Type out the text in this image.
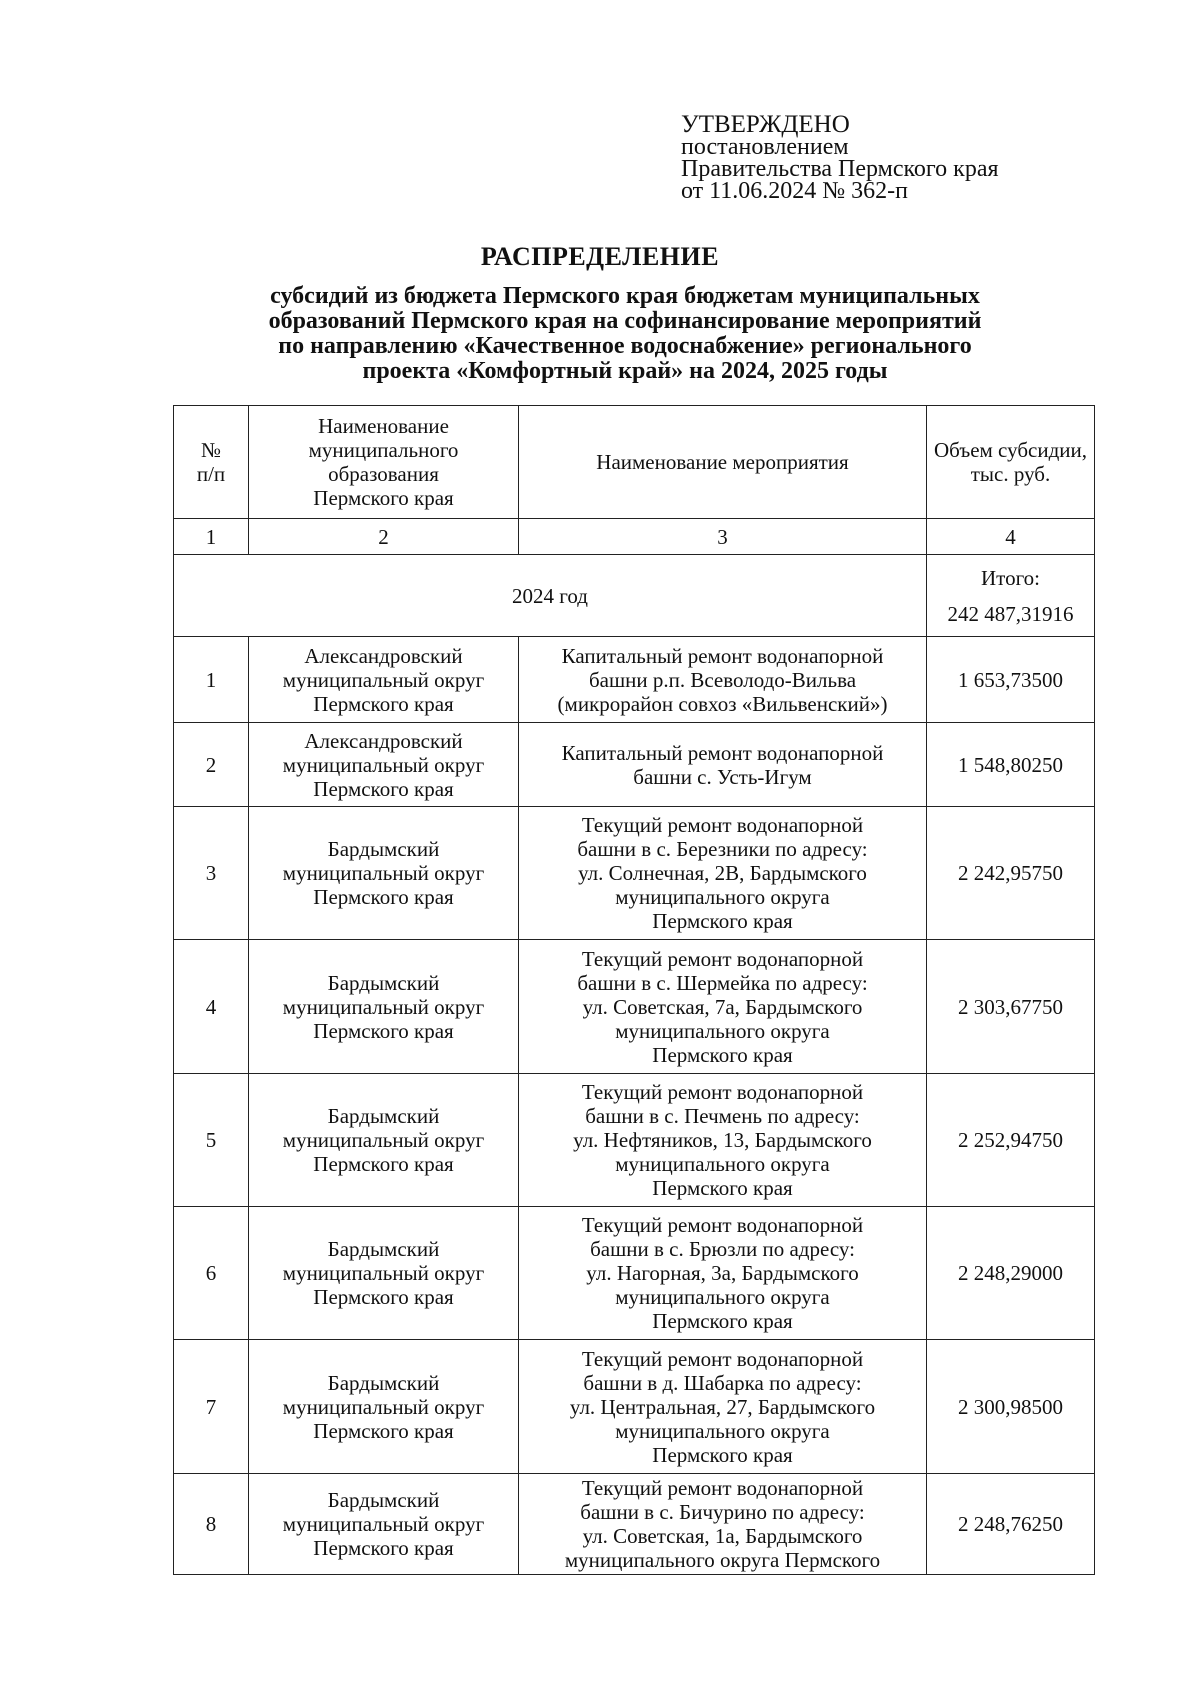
УТВЕРЖДЕНО
постановлением
Правительства Пермского края
от 11.06.2024 № 362-п
РАСПРЕДЕЛЕНИЕ
субсидий из бюджета Пермского края бюджетам муниципальных
образований Пермского края на софинансирование мероприятий
по направлению «Качественное водоснабжение» регионального
проекта «Комфортный край» на 2024, 2025 годы
№
п/п	Наименование
муниципального
образования
Пермского края	Наименование мероприятия	Объем субсидии,
тыс. руб.

1	2	3	4
2024 год			Итого:
242 487,31916

1	Александровский
муниципальный округ
Пермского края	Капитальный ремонт водонапорной
башни р.п. Всеволодо-Вильва
(микрорайон совхоз «Вильвенский»)	1 653,73500
2	Александровский
муниципальный округ
Пермского края	Капитальный ремонт водонапорной
башни с. Усть-Игум	1 548,80250
3	Бардымский
муниципальный округ
Пермского края	Текущий ремонт водонапорной
башни в с. Березники по адресу:
ул. Солнечная, 2В, Бардымского
муниципального округа
Пермского края	2 242,95750
4	Бардымский
муниципальный округ
Пермского края	Текущий ремонт водонапорной
башни в с. Шермейка по адресу:
ул. Советская, 7а, Бардымского
муниципального округа
Пермского края	2 303,67750
5	Бардымский
муниципальный округ
Пермского края	Текущий ремонт водонапорной
башни в с. Печмень по адресу:
ул. Нефтяников, 13, Бардымского
муниципального округа
Пермского края	2 252,94750
6	Бардымский
муниципальный округ
Пермского края	Текущий ремонт водонапорной
башни в с. Брюзли по адресу:
ул. Нагорная, 3а, Бардымского
муниципального округа
Пермского края	2 248,29000
7	Бардымский
муниципальный округ
Пермского края	Текущий ремонт водонапорной
башни в д. Шабарка по адресу:
ул. Центральная, 27, Бардымского
муниципального округа
Пермского края	2 300,98500
8	Бардымский
муниципальный округ
Пермского края	Текущий ремонт водонапорной
башни в с. Бичурино по адресу:
ул. Советская, 1а, Бардымского
муниципального округа Пермского	2 248,76250
